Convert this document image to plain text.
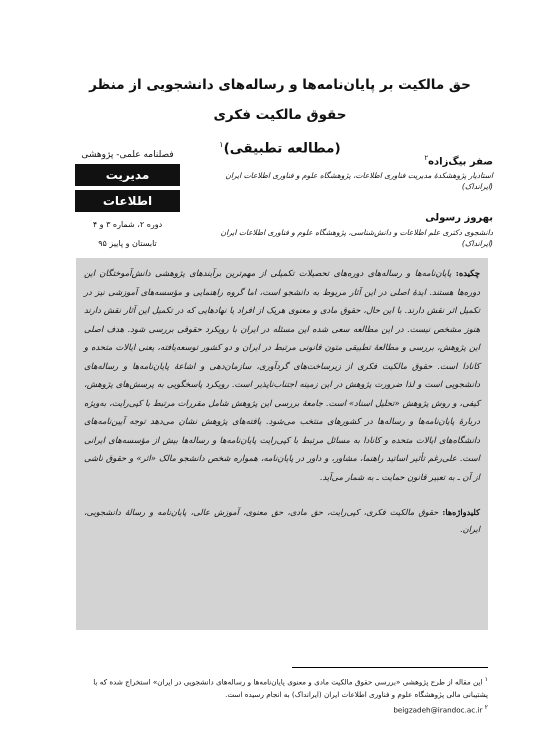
حق مالکیت بر پایان‌نامه‌ها و رساله‌های دانشجویی از منظر حقوق مالکیت فکری
(مطالعه تطبیقی)$^۱$
فصلنامه علمی- پژوهشی
مدیریت
اطلاعات
دوره ۲، شماره ۳ و ۴
تابستان و پاییز ۹۵
صفر بیگ‌زاده$^۲$
استادیار پژوهشکدهٔ مدیریت فناوری اطلاعات، پژوهشگاه علوم و فناوری اطلاعات ایران (ایرانداک)
بهروز رسولی
دانشجوی دکتری علم اطلاعات و دانش‌شناسی، پژوهشگاه علوم و فناوری اطلاعات ایران (ایرانداک)
چکیده: پایان‌نامه‌ها و رساله‌های دوره‌های تحصیلات تکمیلی از مهم‌ترین برآیندهای پژوهشی دانش‌آموختگان این دوره‌ها هستند. ایدهٔ اصلی در این آثار مربوط به دانشجو است، اما گروه راهنمایی و مؤسسه‌های آموزشی نیز در تکمیل اثر نقش دارند. با این حال، حقوق مادی و معنوی هریک از افراد یا نهادهایی که در تکمیل این آثار نقش دارند هنوز مشخص نیست. در این مطالعه سعی شده این مسئله در ایران با رویکرد حقوقی بررسی شود. هدف اصلی این پژوهش، بررسی و مطالعهٔ تطبیقی متون قانونی مرتبط در ایران و دو کشور توسعه‌یافته، یعنی ایالات متحده و کانادا است. حقوق مالکیت فکری از زیرساخت‌های گردآوری، سازمان‌دهی و اشاعهٔ پایان‌نامه‌ها و رساله‌های دانشجویی است و لذا ضرورت پژوهش در این زمینه اجتناب‌ناپذیر است. رویکرد پاسخگویی به پرسش‌های پژوهش، کیفی، و روش پژوهش «تحلیل اسناد» است. جامعهٔ بررسی این پژوهش شامل مقررات مرتبط با کپی‌رایت، به‌ویژه دربارهٔ پایان‌نامه‌ها و رساله‌ها در کشورهای منتخب می‌شود. یافته‌های پژوهش نشان می‌دهد توجه آیین‌نامه‌های دانشگاه‌های ایالات متحده و کانادا به مسائل مرتبط با کپی‌رایت پایان‌نامه‌ها و رساله‌ها بیش از مؤسسه‌های ایرانی است. علی‌رغم تأثیر اساتید راهنما، مشاور، و داور در پایان‌نامه، همواره شخص دانشجو مالک «اثر» و حقوق ناشی از آن ـ به تعبیر قانون حمایت ـ به شمار می‌آید.
کلیدواژه‌ها: حقوق مالکیت فکری، کپی‌رایت، حق مادی، حق معنوی، آموزش عالی، پایان‌نامه و رسالهٔ دانشجویی، ایران.
$^۱$ این مقاله از طرح پژوهشی «بررسی حقوق مالکیت مادی و معنوی پایان‌نامه‌ها و رساله‌های دانشجویی در ایران» استخراج شده که با پشتیبانی مالی پژوهشگاه علوم و فناوری اطلاعات ایران (ایرانداک) به انجام رسیده است.
$^۲$ beigzadeh@irandoc.ac.ir
